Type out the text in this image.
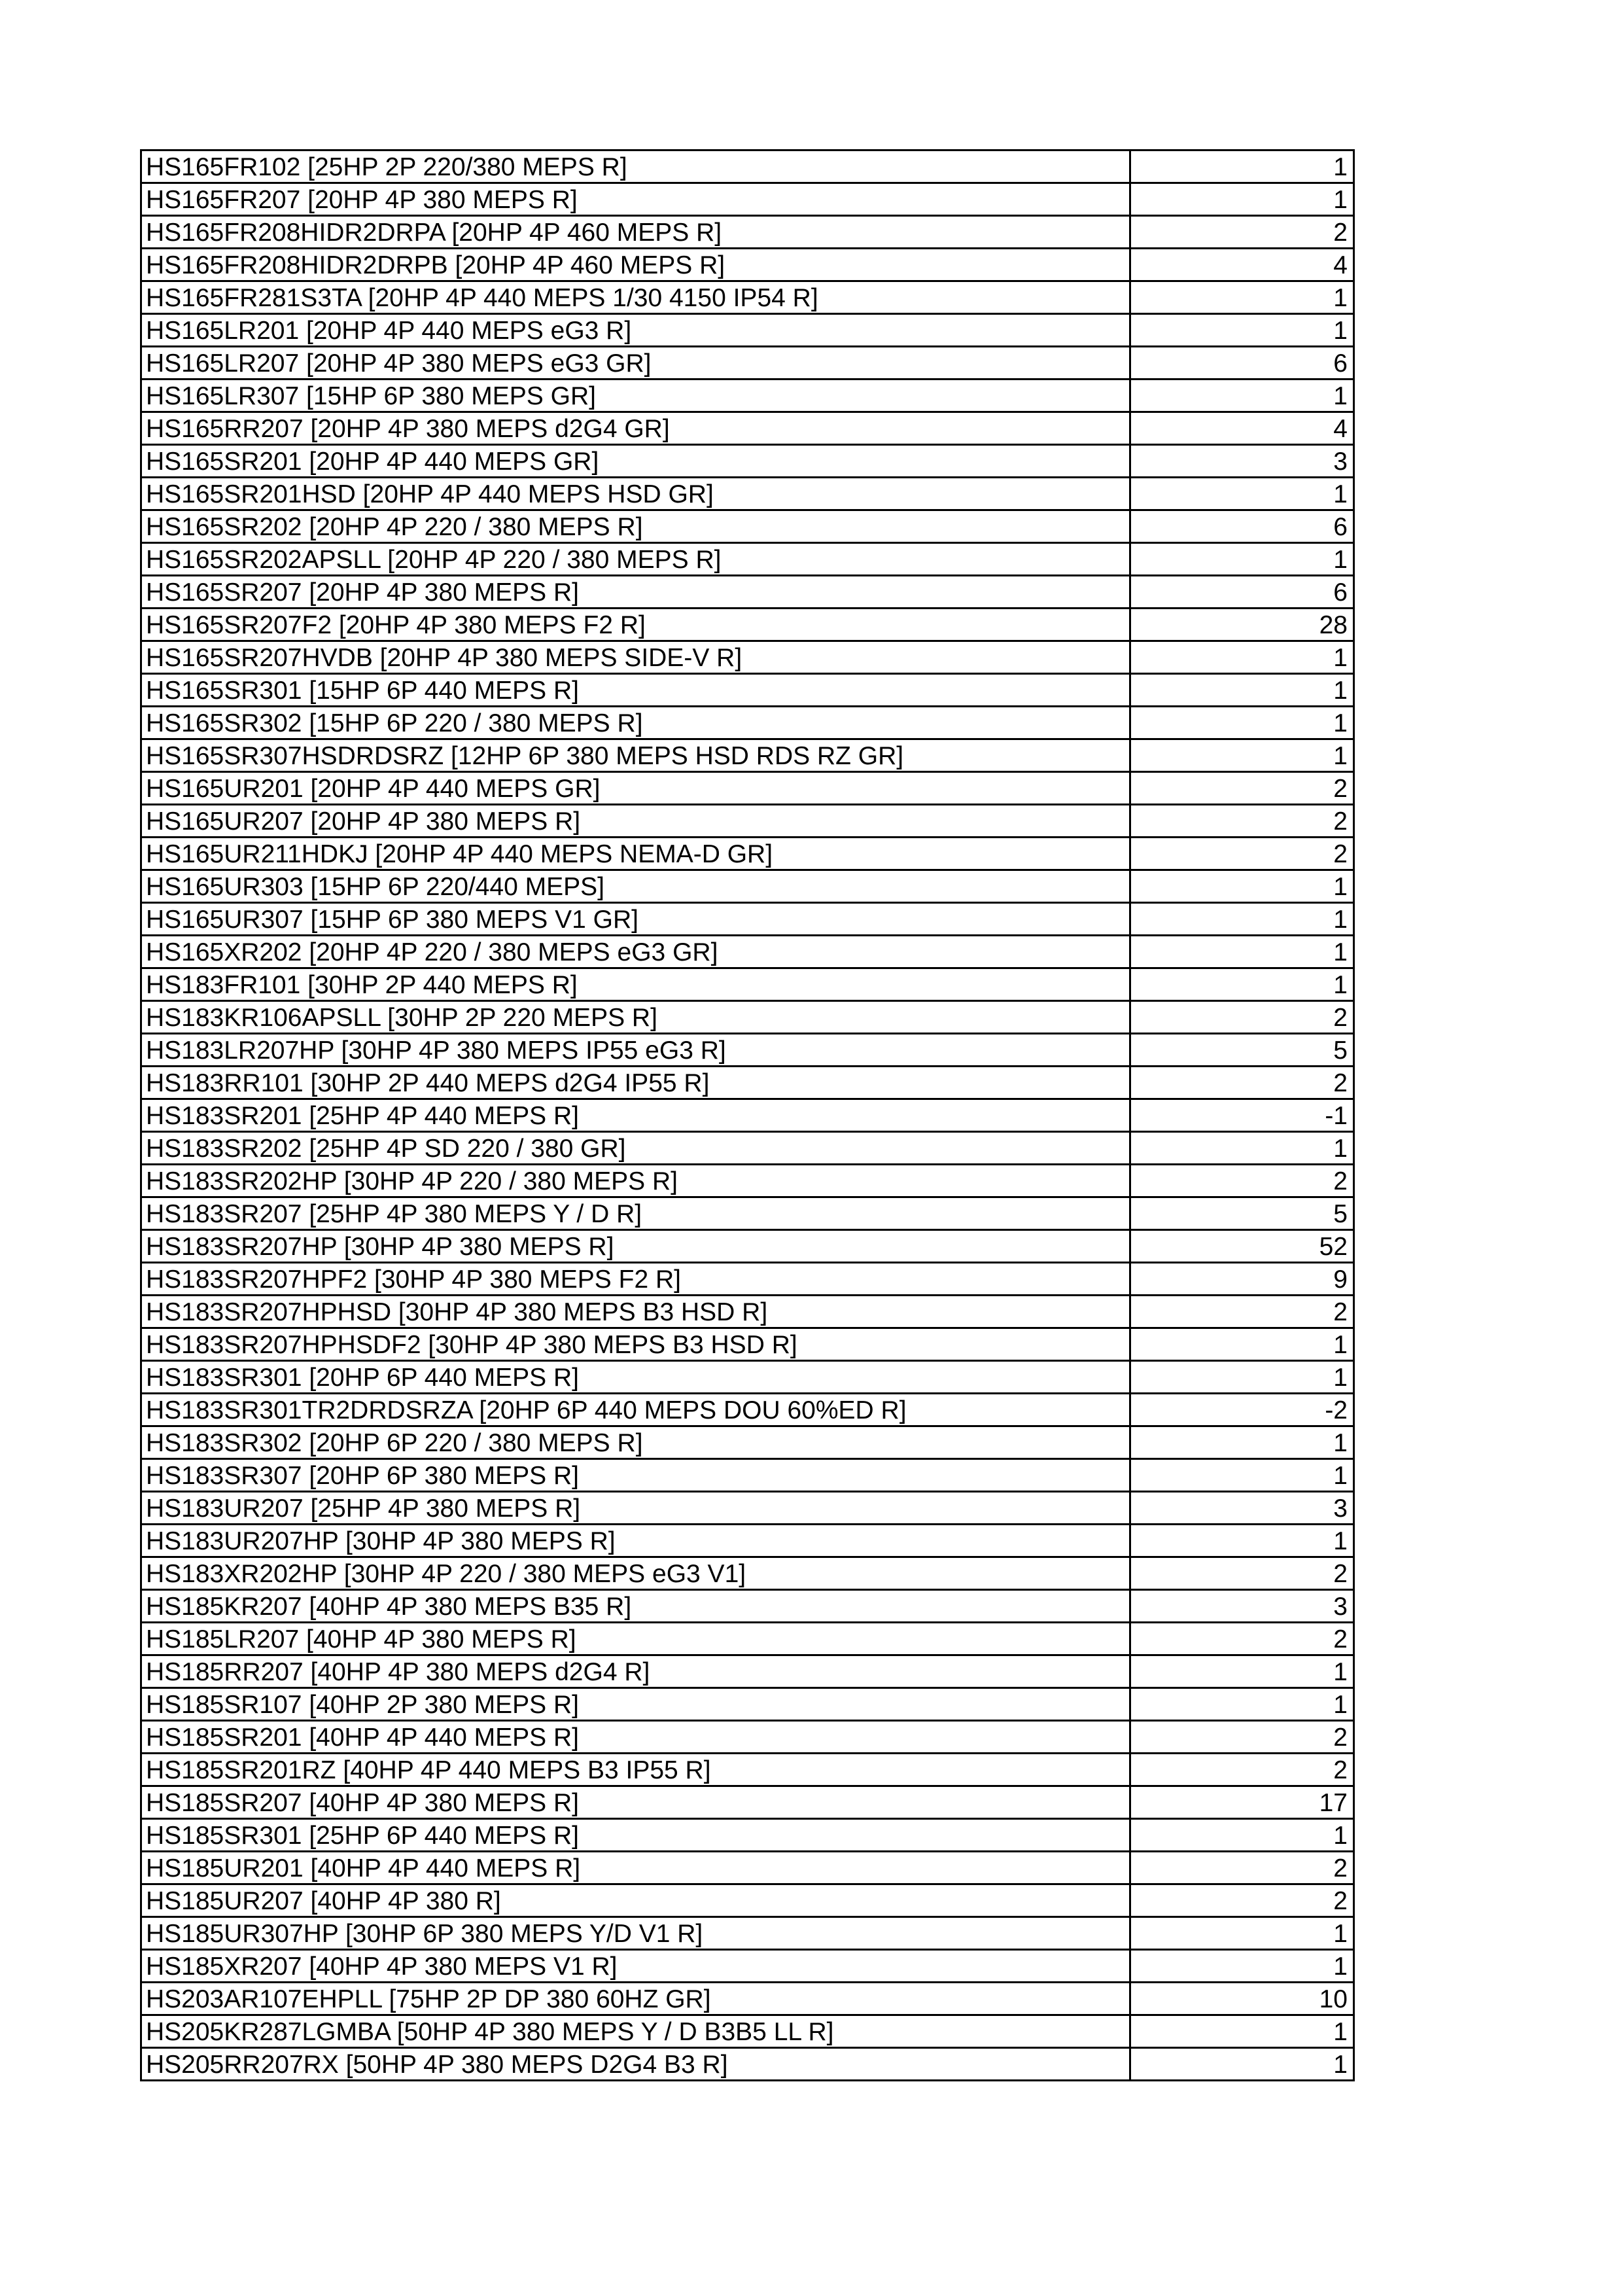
HS165FR102 [25HP 2P 220/380 MEPS R]	1
HS165FR207 [20HP 4P 380 MEPS R]	1
HS165FR208HIDR2DRPA [20HP 4P 460 MEPS R]	2
HS165FR208HIDR2DRPB [20HP 4P 460 MEPS R]	4
HS165FR281S3TA [20HP 4P 440 MEPS 1/30 4150 IP54 R]	1
HS165LR201 [20HP 4P 440 MEPS eG3 R]	1
HS165LR207 [20HP 4P 380 MEPS eG3 GR]	6
HS165LR307 [15HP 6P 380 MEPS GR]	1
HS165RR207 [20HP 4P 380 MEPS d2G4 GR]	4
HS165SR201 [20HP 4P 440 MEPS GR]	3
HS165SR201HSD [20HP 4P 440 MEPS HSD GR]	1
HS165SR202 [20HP 4P 220 / 380 MEPS R]	6
HS165SR202APSLL [20HP 4P 220 / 380 MEPS R]	1
HS165SR207 [20HP 4P 380 MEPS R]	6
HS165SR207F2 [20HP 4P 380 MEPS F2 R]	28
HS165SR207HVDB [20HP 4P 380 MEPS SIDE-V R]	1
HS165SR301 [15HP 6P 440 MEPS R]	1
HS165SR302 [15HP 6P 220 / 380 MEPS R]	1
HS165SR307HSDRDSRZ [12HP 6P 380 MEPS HSD RDS RZ GR]	1
HS165UR201 [20HP 4P 440 MEPS GR]	2
HS165UR207 [20HP 4P 380 MEPS R]	2
HS165UR211HDKJ [20HP 4P 440 MEPS NEMA-D GR]	2
HS165UR303 [15HP 6P 220/440 MEPS]	1
HS165UR307 [15HP 6P 380 MEPS V1 GR]	1
HS165XR202 [20HP 4P 220 / 380 MEPS eG3 GR]	1
HS183FR101 [30HP 2P 440 MEPS R]	1
HS183KR106APSLL [30HP 2P 220 MEPS R]	2
HS183LR207HP [30HP 4P 380 MEPS IP55 eG3 R]	5
HS183RR101 [30HP 2P 440 MEPS d2G4 IP55 R]	2
HS183SR201 [25HP 4P 440 MEPS R]	-1
HS183SR202 [25HP 4P SD 220 / 380 GR]	1
HS183SR202HP [30HP 4P 220 / 380 MEPS R]	2
HS183SR207 [25HP 4P 380 MEPS Y / D R]	5
HS183SR207HP [30HP 4P 380 MEPS R]	52
HS183SR207HPF2 [30HP 4P 380 MEPS F2 R]	9
HS183SR207HPHSD [30HP 4P 380 MEPS B3 HSD R]	2
HS183SR207HPHSDF2 [30HP 4P 380 MEPS B3 HSD R]	1
HS183SR301 [20HP 6P 440 MEPS R]	1
HS183SR301TR2DRDSRZA [20HP 6P 440 MEPS DOU 60%ED R]	-2
HS183SR302 [20HP 6P 220 / 380 MEPS R]	1
HS183SR307 [20HP 6P 380 MEPS R]	1
HS183UR207 [25HP 4P 380 MEPS R]	3
HS183UR207HP [30HP 4P 380 MEPS R]	1
HS183XR202HP [30HP 4P 220 / 380 MEPS eG3 V1]	2
HS185KR207 [40HP 4P 380 MEPS B35 R]	3
HS185LR207 [40HP 4P 380 MEPS R]	2
HS185RR207 [40HP 4P 380 MEPS d2G4 R]	1
HS185SR107 [40HP 2P 380 MEPS R]	1
HS185SR201 [40HP 4P 440 MEPS R]	2
HS185SR201RZ [40HP 4P 440 MEPS B3 IP55 R]	2
HS185SR207 [40HP 4P 380 MEPS R]	17
HS185SR301 [25HP 6P 440 MEPS R]	1
HS185UR201 [40HP 4P 440 MEPS R]	2
HS185UR207 [40HP 4P 380 R]	2
HS185UR307HP [30HP 6P 380 MEPS Y/D V1 R]	1
HS185XR207 [40HP 4P 380 MEPS V1 R]	1
HS203AR107EHPLL [75HP 2P DP 380 60HZ GR]	10
HS205KR287LGMBA [50HP 4P 380 MEPS Y / D B3B5 LL R]	1
HS205RR207RX [50HP 4P 380 MEPS D2G4 B3 R]	1
